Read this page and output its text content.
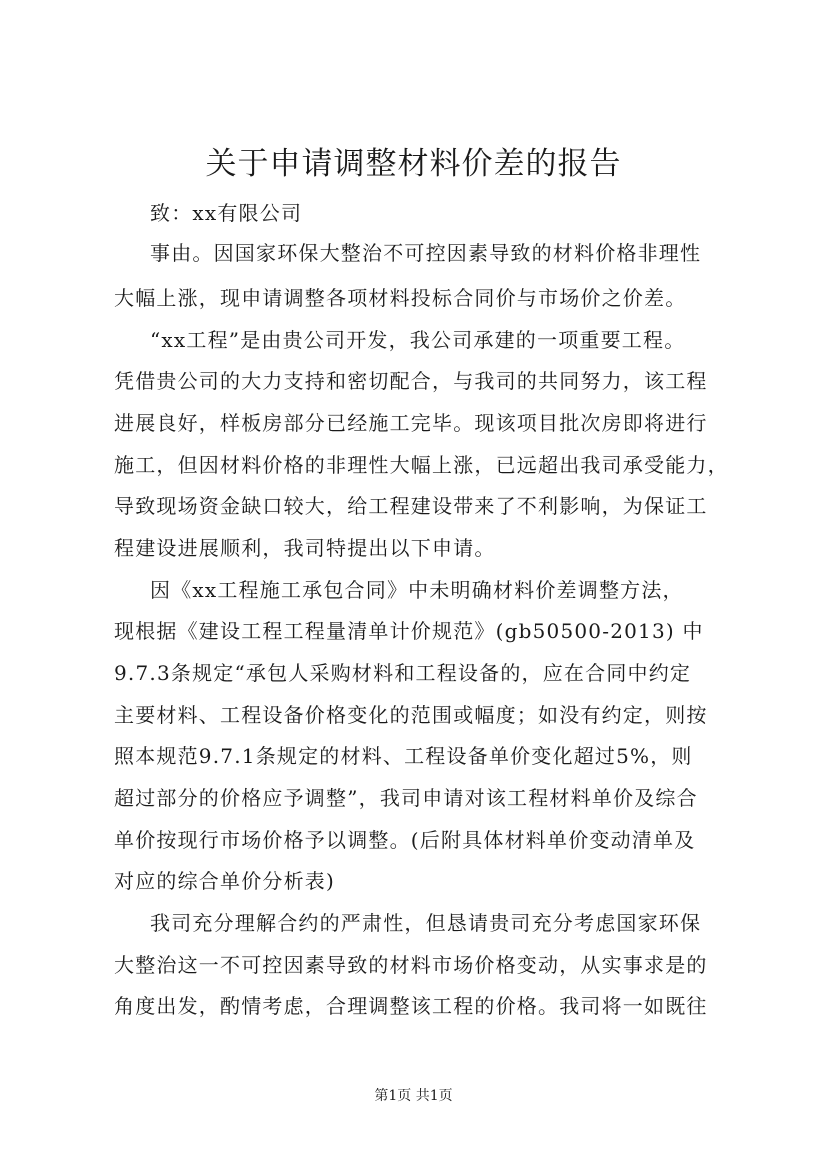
关于申请调整材料价差的报告
致：xx有限公司
事由。因国家环保大整治不可控因素导致的材料价格非理性
大幅上涨，现申请调整各项材料投标合同价与市场价之价差。
“xx工程”是由贵公司开发，我公司承建的一项重要工程。
凭借贵公司的大力支持和密切配合，与我司的共同努力，该工程
进展良好，样板房部分已经施工完毕。现该项目批次房即将进行
施工，但因材料价格的非理性大幅上涨，已远超出我司承受能力，
导致现场资金缺口较大，给工程建设带来了不利影响，为保证工
程建设进展顺利，我司特提出以下申请。
因《xx工程施工承包合同》中未明确材料价差调整方法，
现根据《建设工程工程量清单计价规范》(gb50500-2013) 中
9.7.3条规定“承包人采购材料和工程设备的，应在合同中约定
主要材料、工程设备价格变化的范围或幅度；如没有约定，则按
照本规范9.7.1条规定的材料、工程设备单价变化超过5%，则
超过部分的价格应予调整”，我司申请对该工程材料单价及综合
单价按现行市场价格予以调整。(后附具体材料单价变动清单及
对应的综合单价分析表)
我司充分理解合约的严肃性，但恳请贵司充分考虑国家环保
大整治这一不可控因素导致的材料市场价格变动，从实事求是的
角度出发，酌情考虑，合理调整该工程的价格。我司将一如既往
第1页 共1页
